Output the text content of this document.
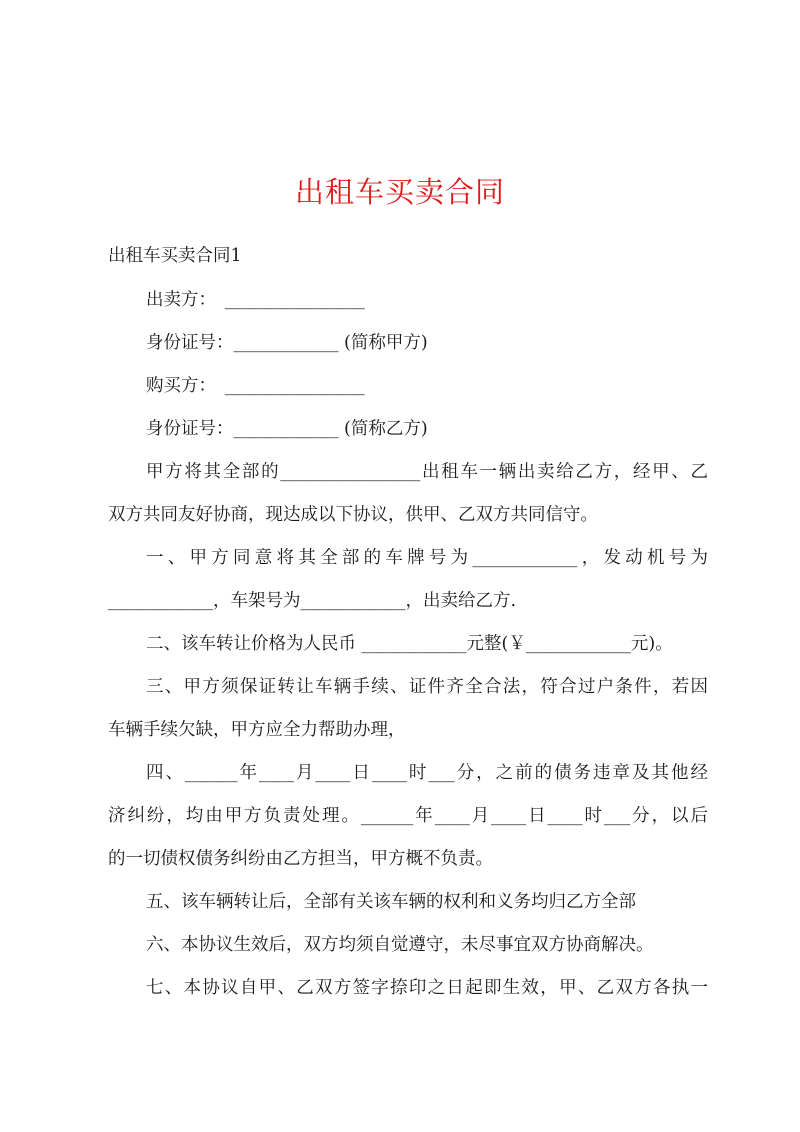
出租车买卖合同
出租车买卖合同1
出卖方：　________________
身份证号：____________ (简称甲方)
购买方：　________________
身份证号：____________ (简称乙方)
甲方将其全部的________________出租车一辆出卖给乙方，经甲、乙
双方共同友好协商，现达成以下协议，供甲、乙双方共同信守。
一、甲方同意将其全部的车牌号为____________，发动机号为
____________，车架号为____________，出卖给乙方.
二、该车转让价格为人民币 ____________元整(￥____________元)。
三、甲方须保证转让车辆手续、证件齐全合法，符合过户条件，若因
车辆手续欠缺，甲方应全力帮助办理，
四、______年____月____日____时___分，之前的债务违章及其他经
济纠纷，均由甲方负责处理。______年____月____日____时___分，以后
的一切债权债务纠纷由乙方担当，甲方概不负责。
五、该车辆转让后，全部有关该车辆的权利和义务均归乙方全部
六、本协议生效后，双方均须自觉遵守，未尽事宜双方协商解决。
七、本协议自甲、乙双方签字捺印之日起即生效，甲、乙双方各执一
